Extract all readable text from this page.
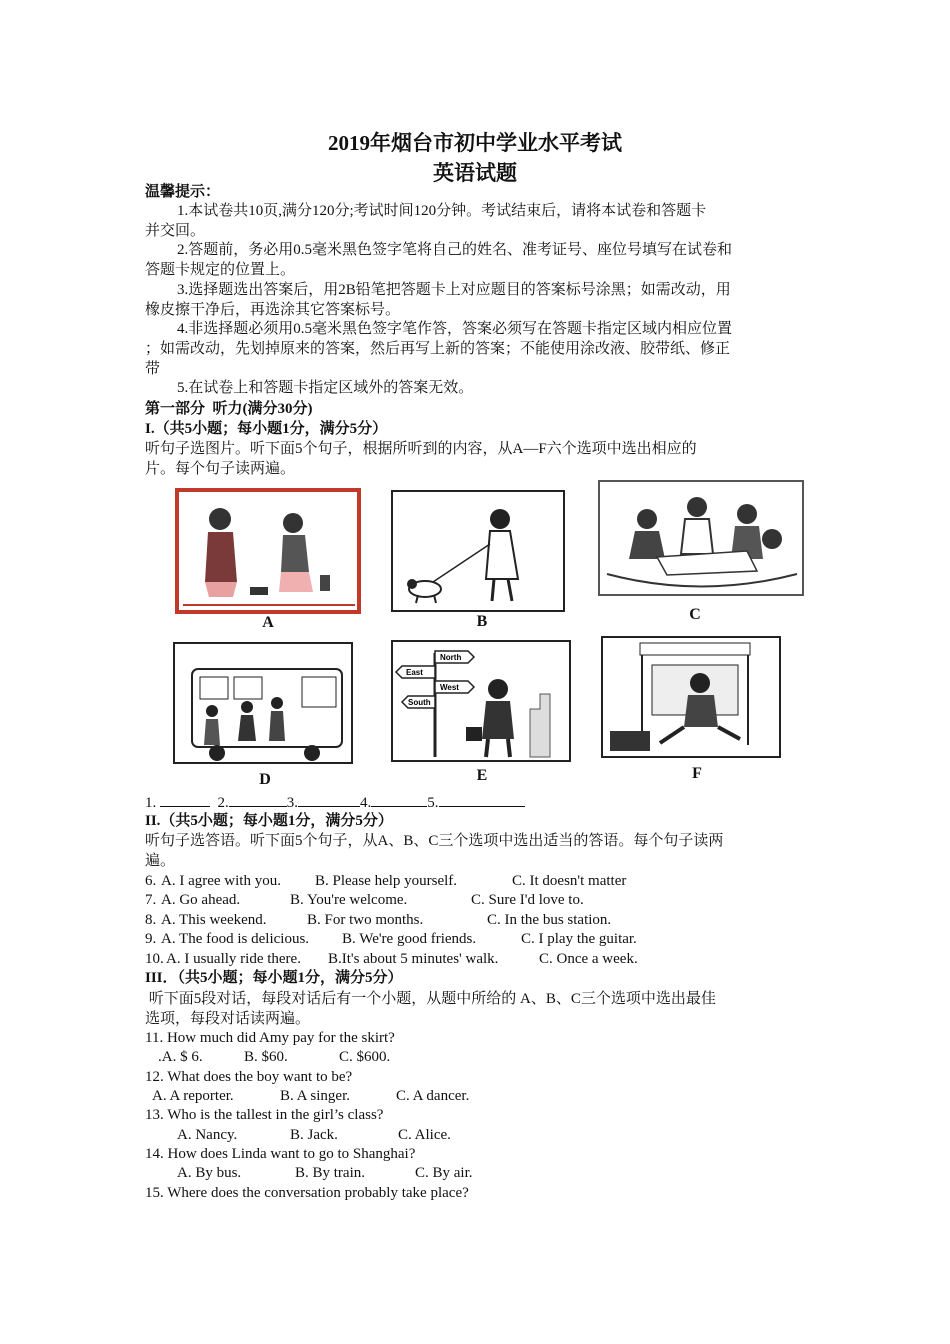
2019年烟台市初中学业水平考试
英语试题
温馨提示：
1.本试卷共10页,满分120分;考试时间120分钟。考试结束后，请将本试卷和答题卡
并交回。
2.答题前，务必用0.5毫米黑色签字笔将自己的姓名、准考证号、座位号填写在试卷和
答题卡规定的位置上。
3.选择题选出答案后，用2B铅笔把答题卡上对应题目的答案标号涂黑；如需改动，用
橡皮擦干净后，再选涂其它答案标号。
4.非选择题必须用0.5毫米黑色签字笔作答，答案必须写在答题卡指定区域内相应位置
；如需改动，先划掉原来的答案，然后再写上新的答案；不能使用涂改液、胶带纸、修正
带
5.在试卷上和答题卡指定区域外的答案无效。
第一部分  听力(满分30分)
I.（共5小题；每小题1分，满分5分）
听句子选图片。听下面5个句子，根据所听到的内容，从A—F六个选项中选出相应的
片。每个句子读两遍。
A	B	C
D
North
East
West
South
E	F
1.	2.	3.	4.	5.
II.（共5小题；每小题1分，满分5分）
听句子选答语。听下面5个句子，从A、B、C三个选项中选出适当的答语。每个句子读两
遍。
6. A. I agree with you. B. Please help yourself.	C. It doesn't matter
7. A. Go ahead.	B. You're welcome.	C. Sure I'd love to.
8. A. This weekend.	B. For two months.	C. In the bus station.
9. A. The food is delicious. B. We're good friends.	C. I play the guitar.
10. A. I usually ride there. B.It's about 5 minutes' walk.	C. Once a week.
III．（共5小题；每小题1分，满分5分）
听下面5段对话，每段对话后有一个小题，从题中所给的 A、B、C三个选项中选出最佳
选项，每段对话读两遍。
11. How much did Amy pay for the skirt?
.A. $ 6.	B. $60.	C. $600.
12. What does the boy want to be?
A. A reporter.	B. A singer.	C. A dancer.
13. Who is the tallest in the girl’s class?
A. Nancy.	B. Jack.	C. Alice.
14. How does Linda want to go to Shanghai?
A. By bus.	B. By train.	C. By air.
15. Where does the conversation probably take place?
